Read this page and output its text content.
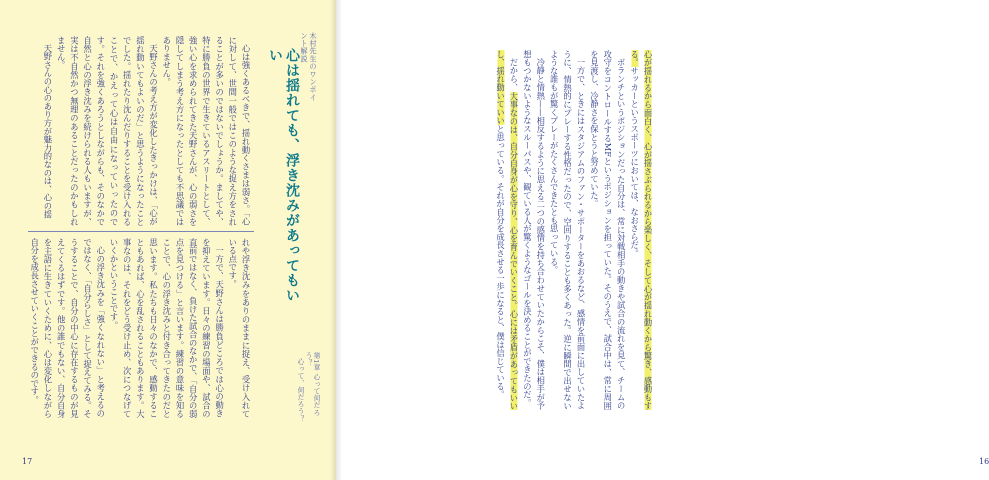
木村先生のワンポイント解説
心は揺れても、浮き沈みがあってもいい

心は強くあるべきで、揺れ動くさまは弱さ。「心に対して、世間一般ではこのような捉え方をされることが多いのではないでしょうか。ましてや、特に勝負の世界で生きているアスリートとして、強い心を求められてきた天野さんが、心の弱さを隠してしまう考え方になったとしても不思議ではありません。

天野さんの考え方が変化したきっかけは、「心が揺れ動いてもよいのだ」と思うようになったことでした。揺れたり沈んだりすることを受け入れることで、かえって心は自由になっていったのです。それを強くあろうとしながらも、そのなかで自然と心の浮き沈みを続けられる人もいますが、実は不自然かつ無理のあることだったのかもしれません。

天野さんの心のあり方が魅力的なのは、心の揺

れや浮き沈みをありのままに捉え、受け入れている点です。

一方で、天野さんは勝負どころでは心の動きを抑えています。日々の練習の場面や、試合の直前ではなく、負けた試合のなかで、「自分の弱点を見つける」と言います。練習の意味を知ることで、心の浮き沈みと付き合ってきたのだと思います。私たちも日々のなかで、感動することもあれば、心を乱されることもあります。大事なのは、それをどう受け止め、次につなげていくかということです。

心の浮き沈みを「強くなれない」と考えるのではなく、「自分らしさ」として捉えてみる。そうすることで、自分の中心に存在するものが見えてくるはずです。他の誰でもない、自分自身を主語に生きていくために、心は変化しながら自分を成長させていくことができるのです。	第1章 心って何だろう？
心って、何だろう？
17	16

心が揺れるから面白く、心が揺さぶられるから楽しく、そして心が揺れ動くから驚き、感動もする。サッカーというスポーツにおいては、なおさらだ。

ボランチというポジションだった自分は、常に対戦相手の動きや試合の流れを見て、チームの攻守をコントロールするMFというポジションを担っていた。そのうえで、試合中は、常に周囲を見渡し、冷静さを保とうと努めていた。

一方で、ときにはスタジアムのファン・サポーターをあおるなど、感情を前面に出していたように、情熱的にプレーする性格だったので、空回りすることも多くあった。逆に瞬間で出せないような誰もが驚くプレーがたくさんできたとも思っている。

冷静と情熱——相反するように思える二つの感情を持ち合わせていたからこそ、僕は相手が予想もつかないようなスルーパスや、観ている人が驚くようなゴールを決めることができたのだ。

だから、大事なのは、自分自身が心を守り、心を育んでいくこと。心には矛盾があってもいいし、揺れ動いていいと思っている。それが自分を成長させる一歩になると、僕は信じている。
